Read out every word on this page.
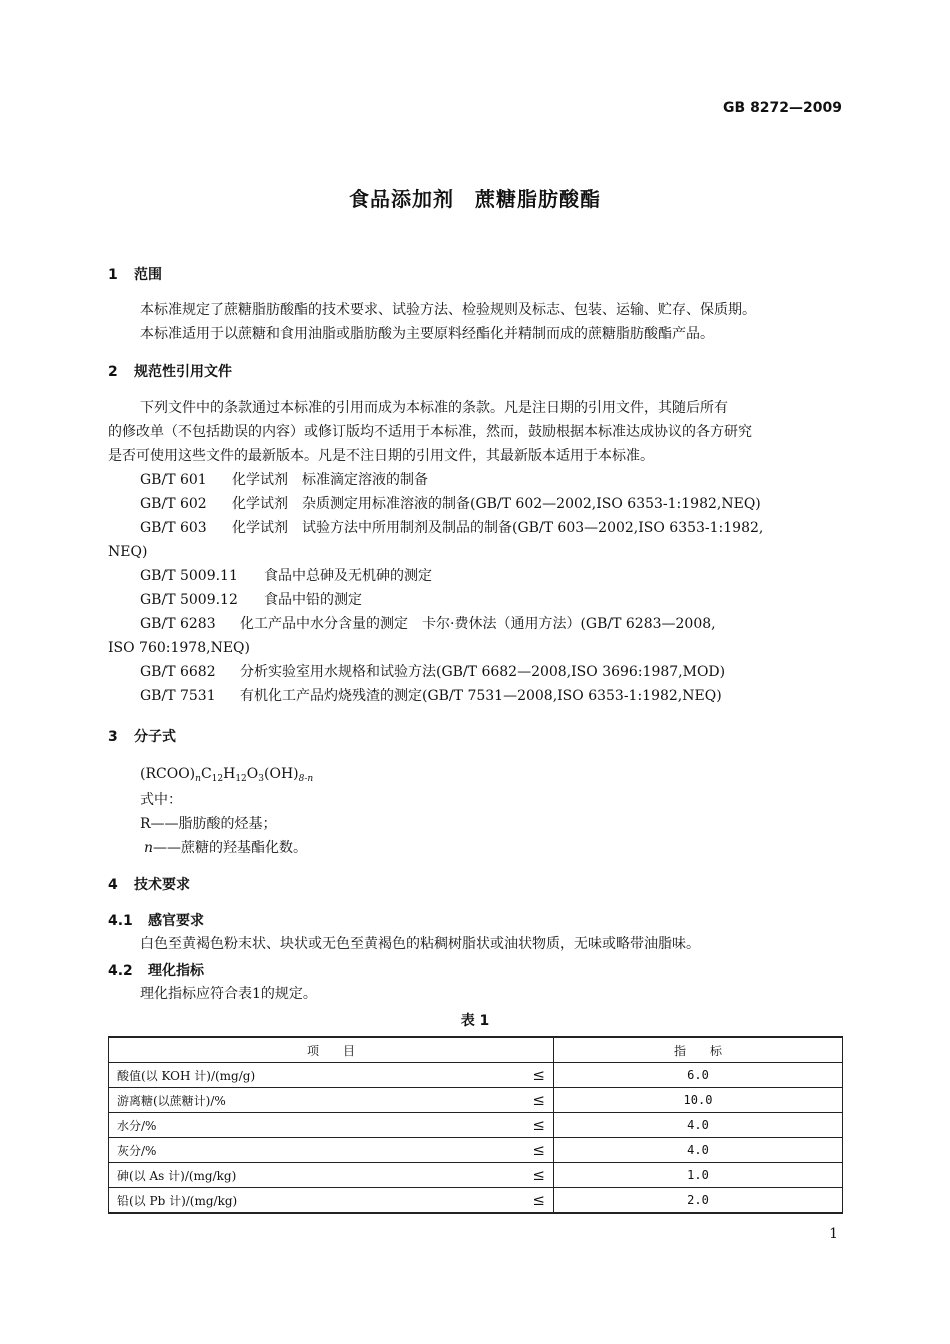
GB 8272—2009
食品添加剂　蔗糖脂肪酸酯
1 范围
本标准规定了蔗糖脂肪酸酯的技术要求、试验方法、检验规则及标志、包装、运输、贮存、保质期。
本标准适用于以蔗糖和食用油脂或脂肪酸为主要原料经酯化并精制而成的蔗糖脂肪酸酯产品。
2 规范性引用文件
下列文件中的条款通过本标准的引用而成为本标准的条款。凡是注日期的引用文件，其随后所有
的修改单（不包括勘误的内容）或修订版均不适用于本标准，然而，鼓励根据本标准达成协议的各方研究
是否可使用这些文件的最新版本。凡是不注日期的引用文件，其最新版本适用于本标准。
GB/T 601 化学试剂　标准滴定溶液的制备
GB/T 602 化学试剂　杂质测定用标准溶液的制备(GB/T 602—2002,ISO 6353-1:1982,NEQ)
GB/T 603 化学试剂　试验方法中所用制剂及制品的制备(GB/T 603—2002,ISO 6353-1:1982,
NEQ)
GB/T 5009.11 食品中总砷及无机砷的测定
GB/T 5009.12 食品中铅的测定
GB/T 6283 化工产品中水分含量的测定　卡尔·费休法（通用方法）(GB/T 6283—2008,
ISO 760:1978,NEQ)
GB/T 6682 分析实验室用水规格和试验方法(GB/T 6682—2008,ISO 3696:1987,MOD)
GB/T 7531 有机化工产品灼烧残渣的测定(GB/T 7531—2008,ISO 6353-1:1982,NEQ)
3 分子式
$(RCOO)_nC_{12}H_{12}O_3(OH)_{8-n}$
式中：
R——脂肪酸的烃基；
n——蔗糖的羟基酯化数。
4 技术要求
4.1 感官要求
白色至黄褐色粉末状、块状或无色至黄褐色的粘稠树脂状或油状物质，无味或略带油脂味。
4.2 理化指标
理化指标应符合表1的规定。
表 1
项　　目		指　　标
酸值(以 KOH 计)/(mg/g)	≤	6.0
游离糖(以蔗糖计)/%	≤	10.0
水分/%	≤	4.0
灰分/%	≤	4.0
砷(以 As 计)/(mg/kg)	≤	1.0
铅(以 Pb 计)/(mg/kg)	≤	2.0
1
